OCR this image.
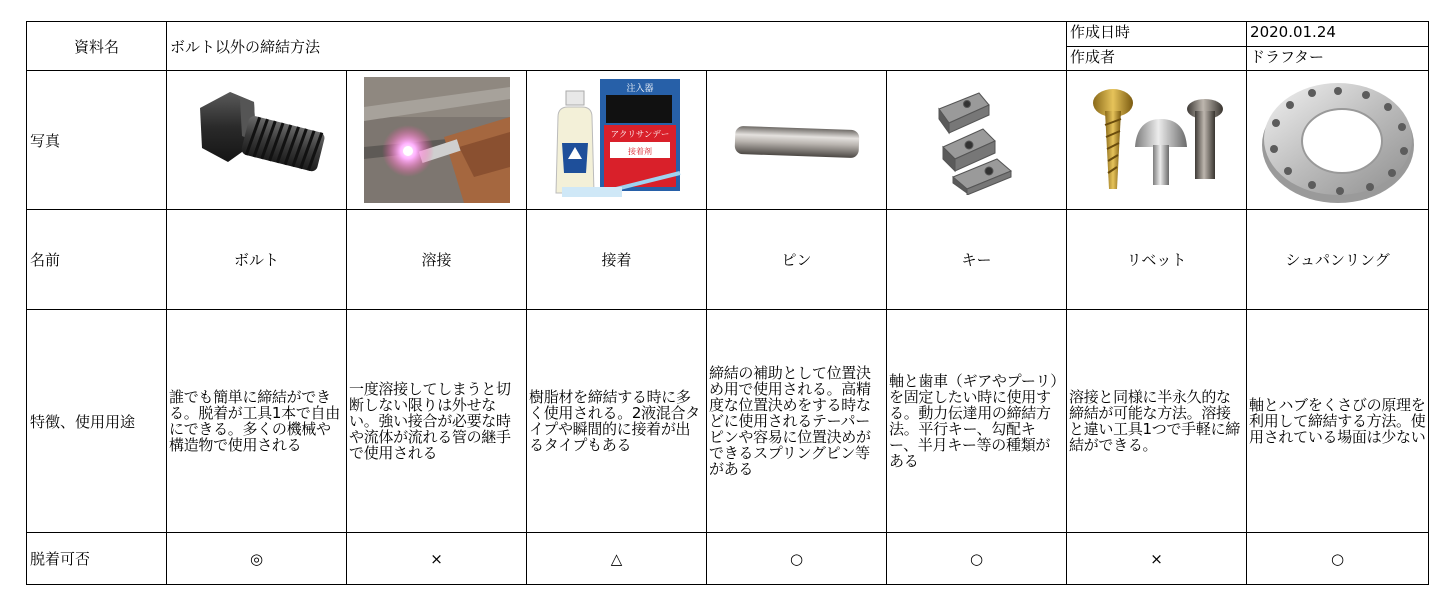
資料名	ボルト以外の締結方法					作成日時	2020.01.24
						作成者	ドラフター
写真			注入器
アクリサンデー
接着剤

名前	ボルト	溶接	接着	ピン	キー	リベット	シュパンリング
特徴、使用用途	誰でも簡単に締結ができる。脱着が工具1本で自由にできる。多くの機械や構造物で使用される	一度溶接してしまうと切断しない限りは外せない。強い接合が必要な時や流体が流れる管の継手で使用される	樹脂材を締結する時に多く使用される。2液混合タイプや瞬間的に接着が出るタイプもある	締結の補助として位置決め用で使用される。高精度な位置決めをする時などに使用されるテーパーピンや容易に位置決めができるスプリングピン等がある	軸と歯車（ギアやプーリ）を固定したい時に使用する。動力伝達用の締結方法。平行キー、勾配キー、半月キー等の種類がある	溶接と同様に半永久的な締結が可能な方法。溶接と違い工具1つで手軽に締結ができる。	軸とハブをくさびの原理を利用して締結する方法。使用されている場面は少ない
脱着可否	◎	×	△	○	○	×	○
